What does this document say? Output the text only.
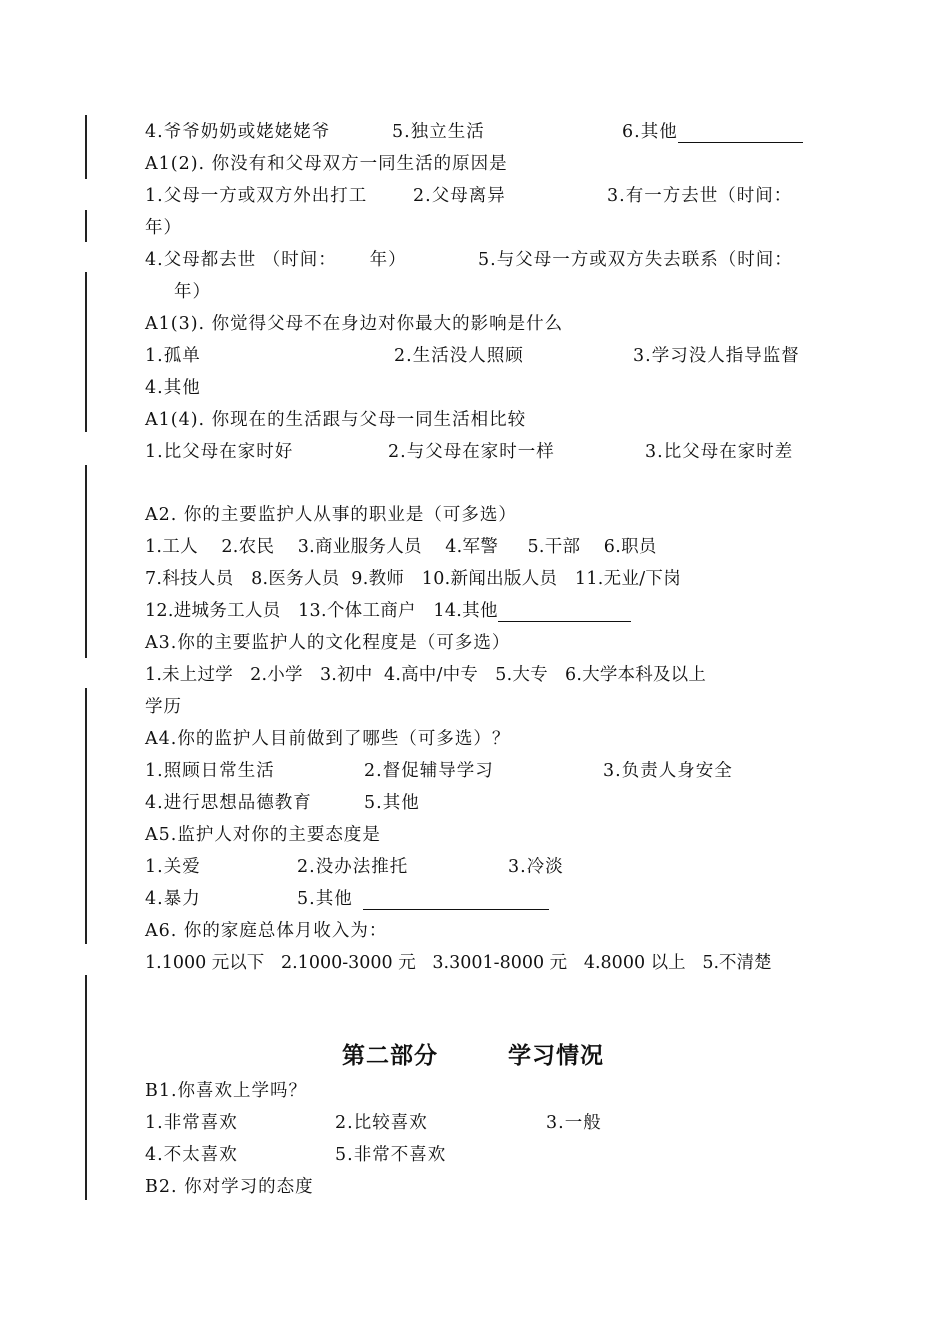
4.爷爷奶奶或姥姥姥爷	5.独立生活	6.其他
A1(2). 你没有和父母双方一同生活的原因是
1.父母一方或双方外出打工	2.父母离异	3.有一方去世（时间：
年）
4.父母都去世 （时间：     年）	5.与父母一方或双方失去联系（时间：
年）
A1(3). 你觉得父母不在身边对你最大的影响是什么
1.孤单	2.生活没人照顾	3.学习没人指导监督
4.其他
A1(4). 你现在的生活跟与父母一同生活相比较
1.比父母在家时好	2.与父母在家时一样	3.比父母在家时差
A2. 你的主要监护人从事的职业是（可多选）
1.工人    2.农民    3.商业服务人员    4.军警     5.干部    6.职员
7.科技人员   8.医务人员  9.教师   10.新闻出版人员   11.无业/下岗
12.进城务工人员   13.个体工商户   14.其他
A3.你的主要监护人的文化程度是（可多选）
1.未上过学   2.小学   3.初中  4.高中/中专   5.大专   6.大学本科及以上
学历
A4.你的监护人目前做到了哪些（可多选）？
1.照顾日常生活	2.督促辅导学习	3.负责人身安全
4.进行思想品德教育	5.其他
A5.监护人对你的主要态度是
1.关爱	2.没办法推托	3.冷淡
4.暴力	5.其他
A6. 你的家庭总体月收入为：
1.1000 元以下   2.1000-3000 元   3.3001-8000 元   4.8000 以上   5.不清楚
第二部分	学习情况
B1.你喜欢上学吗？
1.非常喜欢	2.比较喜欢	3.一般
4.不太喜欢	5.非常不喜欢
B2. 你对学习的态度
